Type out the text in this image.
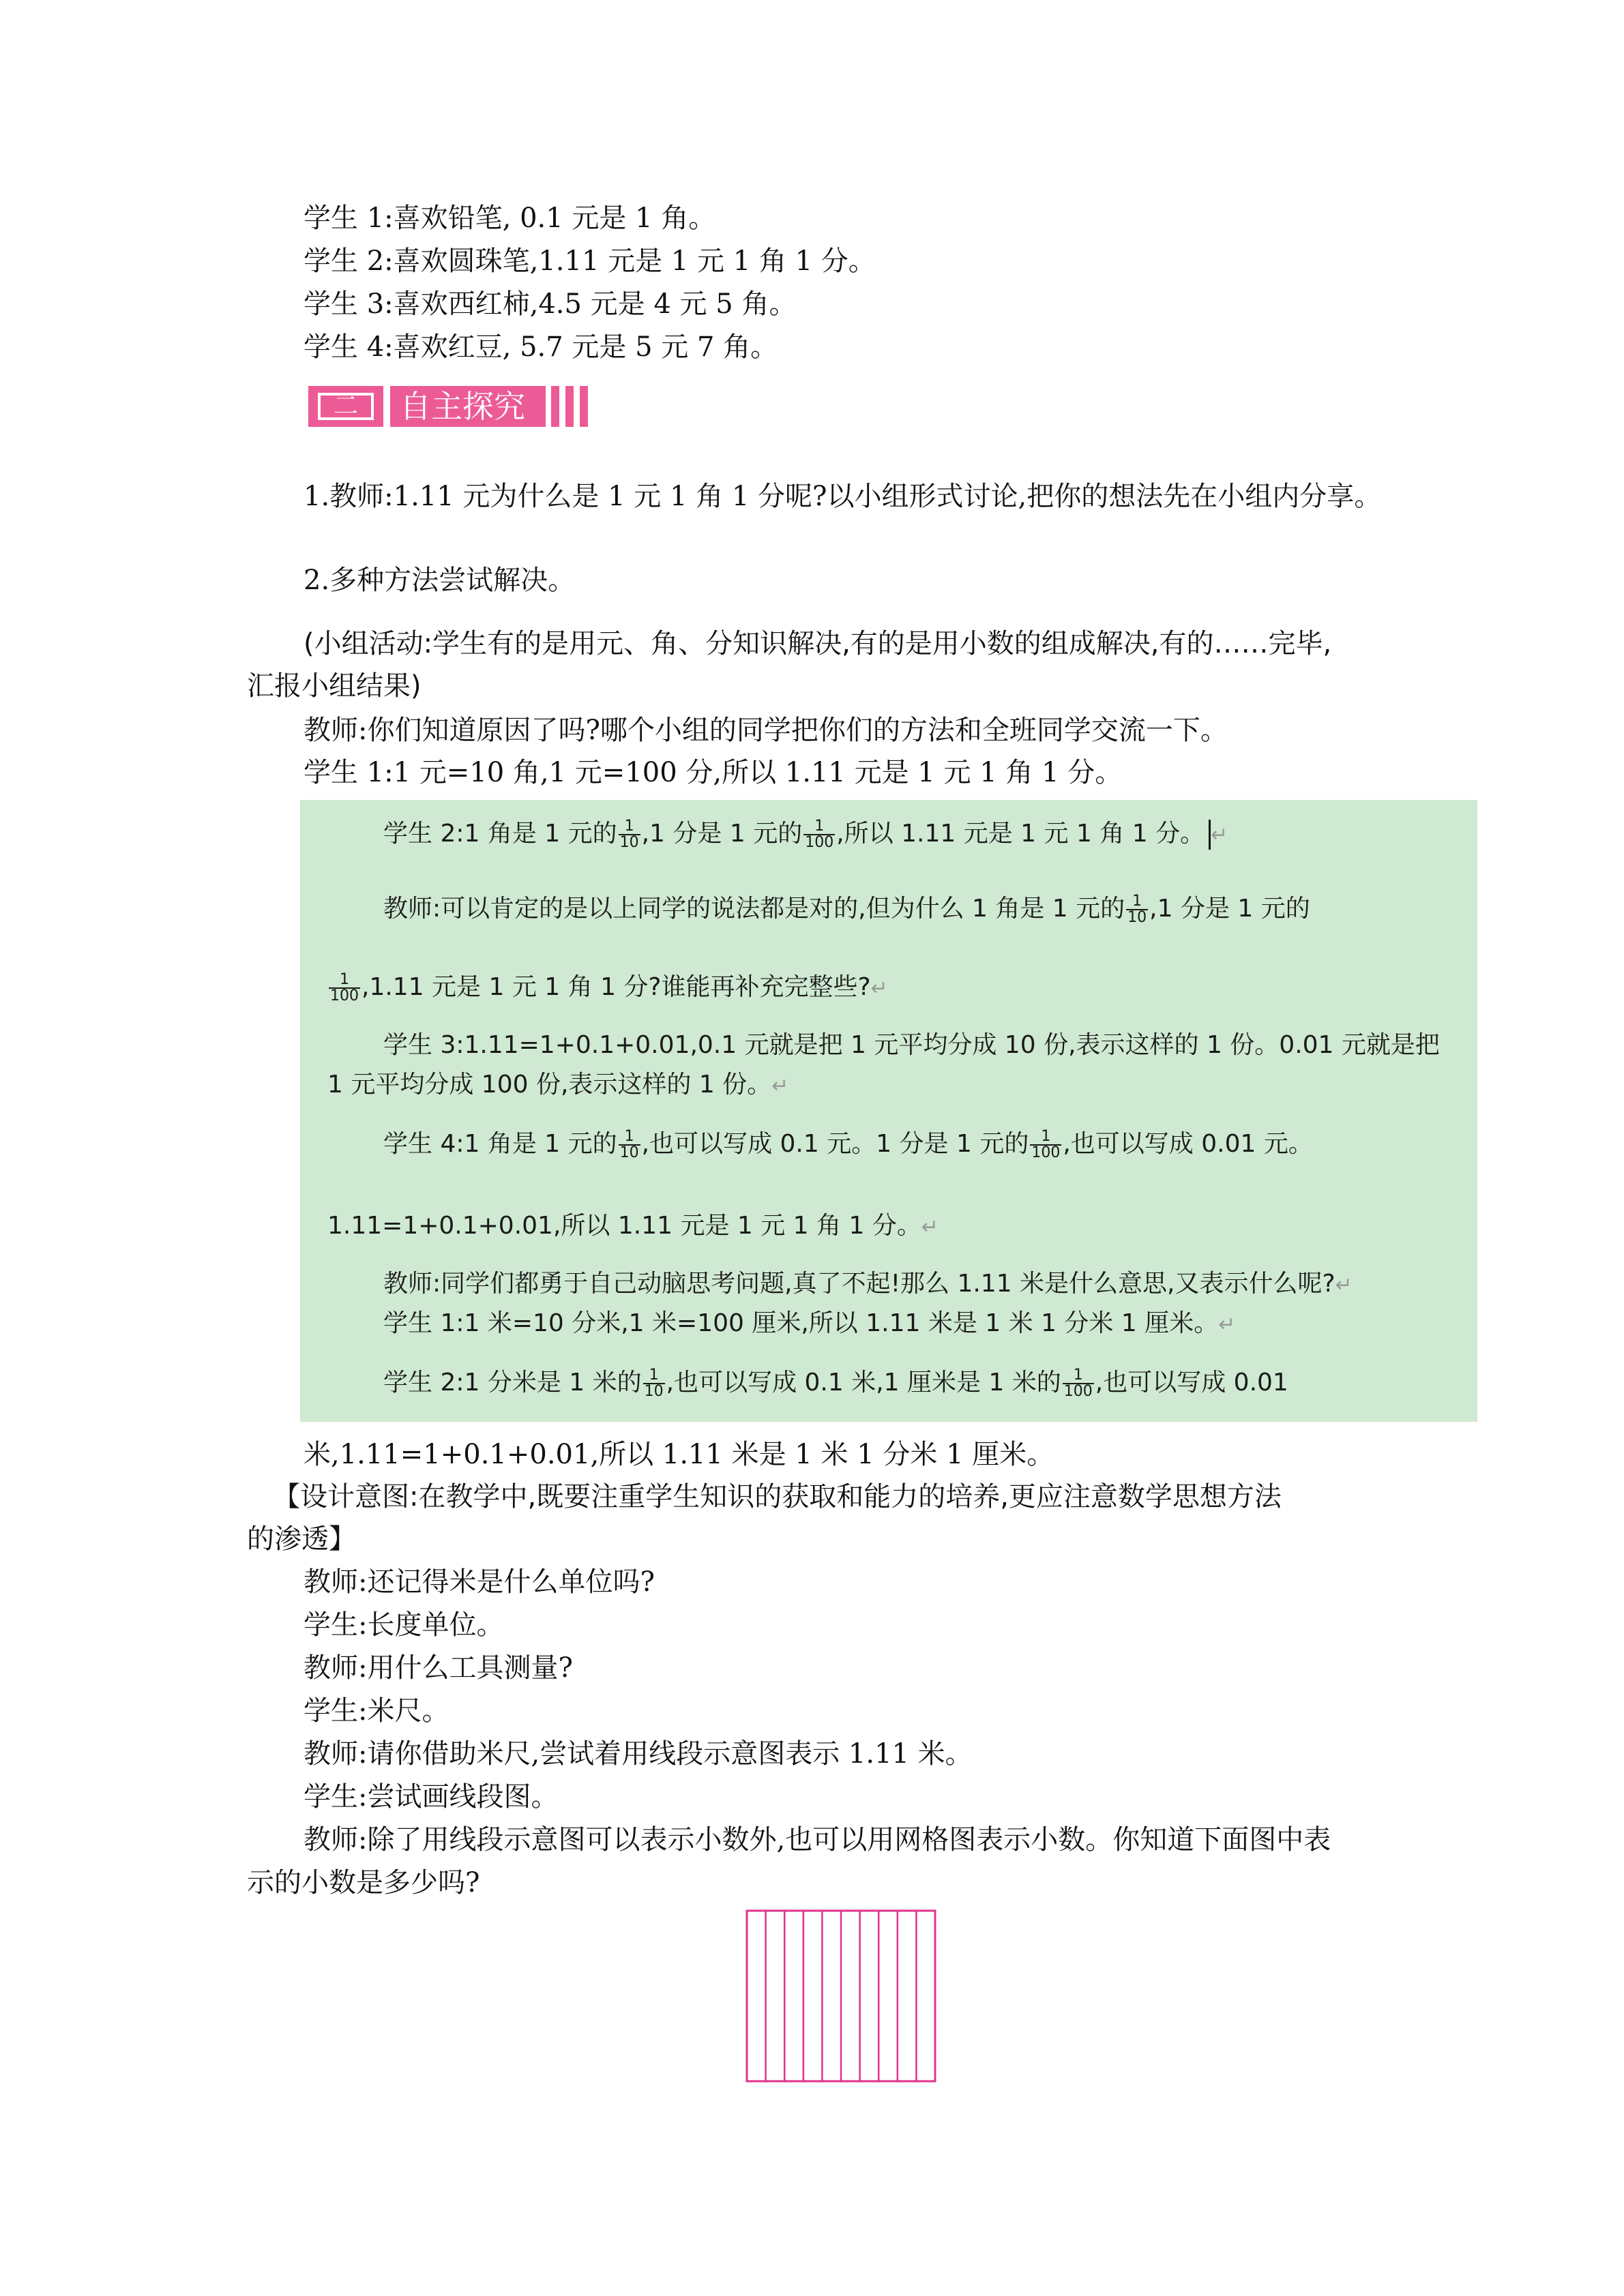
学生 1:喜欢铅笔, 0.1 元是 1 角。
学生 2:喜欢圆珠笔,1.11 元是 1 元 1 角 1 分。
学生 3:喜欢西红柿,4.5 元是 4 元 5 角。
学生 4:喜欢红豆, 5.7 元是 5 元 7 角。
二	自主探究
1.教师:1.11 元为什么是 1 元 1 角 1 分呢?以小组形式讨论,把你的想法先在小组内分享。
2.多种方法尝试解决。
(小组活动:学生有的是用元、角、分知识解决,有的是用小数的组成解决,有的……完毕,
汇报小组结果)
教师:你们知道原因了吗?哪个小组的同学把你们的方法和全班同学交流一下。
学生 1:1 元=10 角,1 元=100 分,所以 1.11 元是 1 元 1 角 1 分。
学生 2:1 角是 1 元的 $\frac{1}{10} ,1$ 分是 1 元的 $\frac{1}{100}$ ,所以 1.11 元是 1 元 1 角 1 分。 ↵
教师:可以肯定的是以上同学的说法都是对的,但为什么 1 角是 1 元的 $\frac{1}{10} ,1$ 分是 1 元的
$\frac{1}{100} ,1.11$ 元是 1 元 1 角 1 分?谁能再补充完整些?↵
学生 3:1.11=1+0.1+0.01,0.1 元就是把 1 元平均分成 10 份,表示这样的 1 份。0.01 元就是把
1 元平均分成 100 份,表示这样的 1 份。↵
学生 4:1 角是 1 元的 $\frac{1}{10}$ ,也可以写成 0.1 元。1 分是 1 元的 $\frac{1}{100}$ ,也可以写成 0.01 元。
1.11=1+0.1+0.01,所以 1.11 元是 1 元 1 角 1 分。↵
教师:同学们都勇于自己动脑思考问题,真了不起!那么 1.11 米是什么意思,又表示什么呢?↵
学生 1:1 米=10 分米,1 米=100 厘米,所以 1.11 米是 1 米 1 分米 1 厘米。↵
学生 2:1 分米是 1 米的 $\frac{1}{10}$ ,也可以写成 0.1 米,1 厘米是 1 米的 $\frac{1}{100}$ ,也可以写成 0.01
米,1.11=1+0.1+0.01,所以 1.11 米是 1 米 1 分米 1 厘米。
【设计意图:在教学中,既要注重学生知识的获取和能力的培养,更应注意数学思想方法
的渗透】
教师:还记得米是什么单位吗?
学生:长度单位。
教师:用什么工具测量?
学生:米尺。
教师:请你借助米尺,尝试着用线段示意图表示 1.11 米。
学生:尝试画线段图。
教师:除了用线段示意图可以表示小数外,也可以用网格图表示小数。你知道下面图中表
示的小数是多少吗?
